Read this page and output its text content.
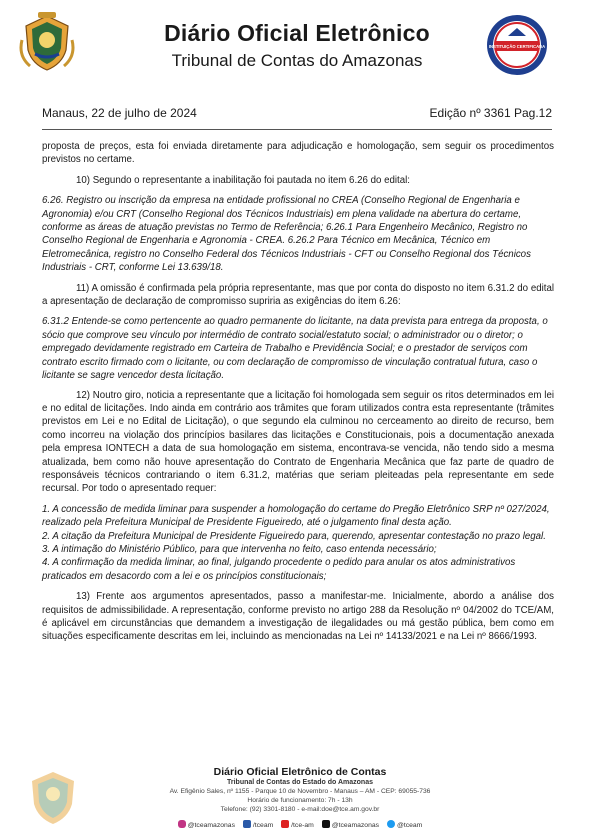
Diário Oficial Eletrônico
Tribunal de Contas do Amazonas
INSTITUIÇÃO CERTIFICADA
Manaus, 22 de julho de 2024	Edição nº 3361 Pag.12

proposta de preços, esta foi enviada diretamente para adjudicação e homologação, sem seguir os procedimentos previstos no certame.

10) Segundo o representante a inabilitação foi pautada no item 6.26 do edital:

6.26. Registro ou inscrição da empresa na entidade profissional no CREA (Conselho Regional de Engenharia e Agronomia) e/ou CRT (Conselho Regional dos Técnicos Industriais) em plena validade na abertura do certame, conforme as áreas de atuação previstas no Termo de Referência; 6.26.1 Para Engenheiro Mecânico, Registro no Conselho Regional de Engenharia e Agronomia - CREA. 6.26.2 Para Técnico em Mecânica, Técnico em Eletromecânica, registro no Conselho Federal dos Técnicos Industriais - CFT ou Conselho Regional dos Técnicos Industriais - CRT, conforme Lei 13.639/18.

11) A omissão é confirmada pela própria representante, mas que por conta do disposto no item 6.31.2 do edital a apresentação de declaração de compromisso supriria as exigências do item 6.26:

6.31.2 Entende-se como pertencente ao quadro permanente do licitante, na data prevista para entrega da proposta, o sócio que comprove seu vínculo por intermédio de contrato social/estatuto social; o administrador ou o diretor; o empregado devidamente registrado em Carteira de Trabalho e Previdência Social; e o prestador de serviços com contrato escrito firmado com o licitante, ou com declaração de compromisso de vinculação contratual futura, caso o licitante se sagre vencedor desta licitação.

12) Noutro giro, noticia a representante que a licitação foi homologada sem seguir os ritos determinados em lei e no edital de licitações. Indo ainda em contrário aos trâmites que foram utilizados contra esta representante (trâmites previstos em Lei e no Edital de Licitação), o que segundo ela culminou no cerceamento ao direito de recurso, bem como incorreu na violação dos princípios basilares das licitações e Constitucionais, pois a documentação anexada pela empresa IONTECH a data de sua homologação em sistema, encontrava-se vencida, não tendo sido a mesma atualizada, bem como não houve apresentação do Contrato de Engenharia Mecânica que faz parte de quadro de responsáveis técnicos contrariando o item 6.31.2, matérias que seriam pleiteadas pela representante em sede recursal. Por todo o apresentado requer:

1. A concessão de medida liminar para suspender a homologação do certame do Pregão Eletrônico SRP nº 027/2024, realizado pela Prefeitura Municipal de Presidente Figueiredo, até o julgamento final desta ação.

2. A citação da Prefeitura Municipal de Presidente Figueiredo para, querendo, apresentar contestação no prazo legal.

3. A intimação do Ministério Público, para que intervenha no feito, caso entenda necessário;

4. A confirmação da medida liminar, ao final, julgando procedente o pedido para anular os atos administrativos praticados em desacordo com a lei e os princípios constitucionais;

13) Frente aos argumentos apresentados, passo a manifestar-me. Inicialmente, abordo a análise dos requisitos de admissibilidade. A representação, conforme previsto no artigo 288 da Resolução nº 04/2002 do TCE/AM, é aplicável em circunstâncias que demandem a investigação de ilegalidades ou má gestão pública, bem como em situações especificamente descritas em lei, incluindo as mencionadas na Lei nº 14133/2021 e na Lei nº 8666/1993.

Diário Oficial Eletrônico de Contas
Tribunal de Contas do Estado do Amazonas
Av. Efigênio Sales, nº 1155 - Parque 10 de Novembro - Manaus – AM - CEP: 69055-736
Horário de funcionamento: 7h - 13h
Telefone: (92) 3301-8180 - e-mail:doe@tce.am.gov.br
@tceamazonas	/tceam	/tce-am	@tceamazonas	@tceam
